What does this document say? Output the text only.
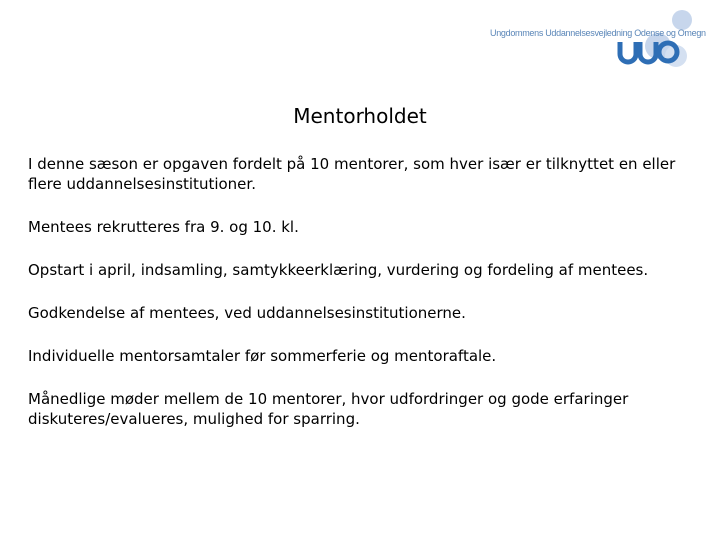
Ungdommens Uddannelsesvejledning Odense og Omegn
Mentorholdet

I denne sæson er opgaven fordelt på 10 mentorer, som hver især er tilknyttet en eller flere uddannelsesinstitutioner.

Mentees rekrutteres fra 9. og 10. kl.

Opstart i april, indsamling, samtykkeerklæring, vurdering og fordeling af mentees.

Godkendelse af mentees, ved uddannelsesinstitutionerne.

Individuelle mentorsamtaler før sommerferie og mentoraftale.

Månedlige møder mellem de 10 mentorer, hvor udfordringer og gode erfaringer diskuteres/evalueres, mulighed for sparring.
